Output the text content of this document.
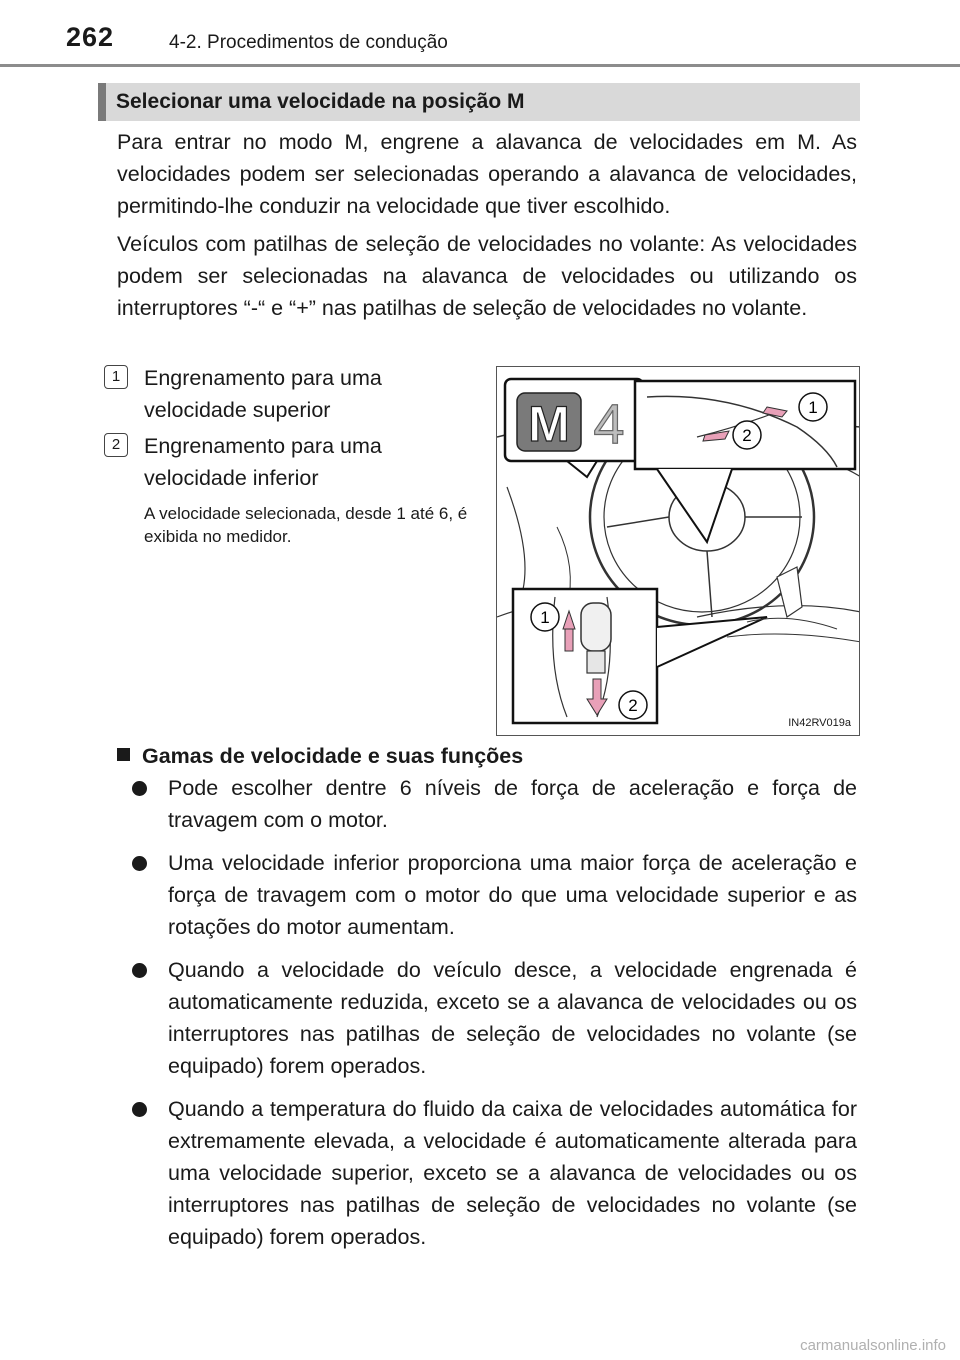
262	4-2. Procedimentos de condução
Selecionar uma velocidade na posição M

Para entrar no modo M, engrene a alavanca de velocidades em M. As velocidades podem ser selecionadas operando a alavanca de velocidades, permitindo-lhe conduzir na velocidade que tiver escolhido.

Veículos com patilhas de seleção de velocidades no volante: As velocidades podem ser selecionadas na alavanca de velocidades ou utilizando os interruptores “-“ e “+” nas patilhas de seleção de velocidades no volante.

1	Engrenamento para uma velocidade superior
2	Engrenamento para uma velocidade inferior
A velocidade selecionada, desde 1 até 6, é exibida no medidor.
M 4	1
2
1
2
IN42RV019a
Gamas de velocidade e suas funções
Pode escolher dentre 6 níveis de força de aceleração e força de travagem com o motor.
Uma velocidade inferior proporciona uma maior força de aceleração e força de travagem com o motor do que uma velocidade superior e as rotações do motor aumentam.
Quando a velocidade do veículo desce, a velocidade engrenada é automaticamente reduzida, exceto se a alavanca de velocidades ou os interruptores nas patilhas de seleção de velocidades no volante (se equipado) forem operados.
Quando a temperatura do fluido da caixa de velocidades automática for extremamente elevada, a velocidade é automaticamente alterada para uma velocidade superior, exceto se a alavanca de velocidades ou os interruptores nas patilhas de seleção de velocidades no volante (se equipado) forem operados.
carmanualsonline.info
